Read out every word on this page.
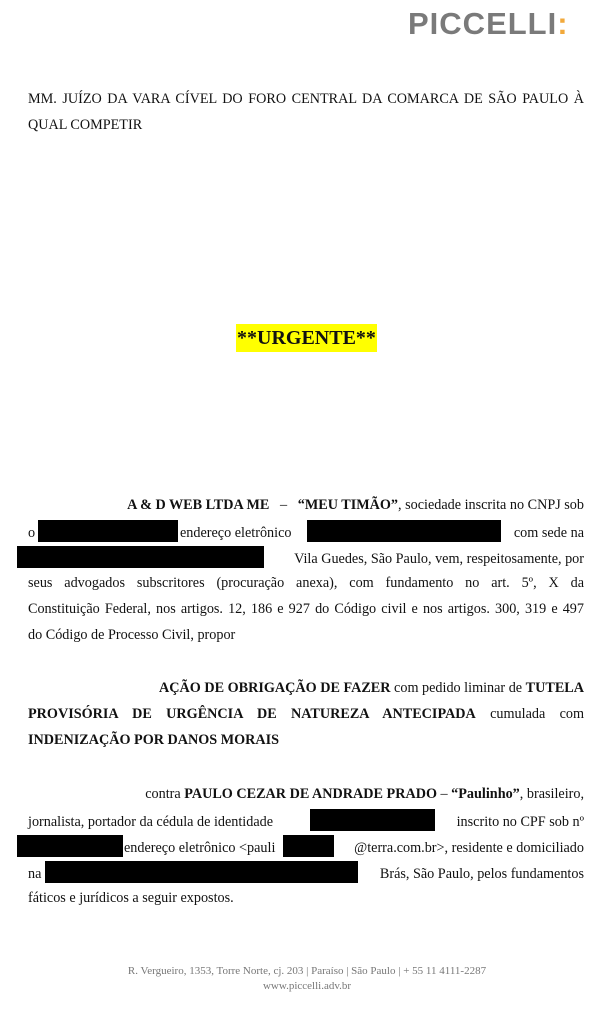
PICCELLI:

MM. JUÍZO DA VARA CÍVEL DO FORO CENTRAL DA COMARCA DE SÃO PAULO À QUAL COMPETIR

**URGENTE**
A & D WEB LTDA ME – “MEU TIMÃO”, sociedade inscrita no CNPJ sob
o	endereço eletrônico	com sede na
Vila Guedes, São Paulo, vem, respeitosamente, por
seus advogados subscritores (procuração anexa), com fundamento no art. 5º, X da
Constituição Federal, nos artigos. 12, 186 e 927 do Código civil e nos artigos. 300, 319 e 497
do Código de Processo Civil, propor
AÇÃO DE OBRIGAÇÃO DE FAZER com pedido liminar de TUTELA
PROVISÓRIA DE URGÊNCIA DE NATUREZA ANTECIPADA cumulada com
INDENIZAÇÃO POR DANOS MORAIS
contra PAULO CEZAR DE ANDRADE PRADO – “Paulinho”, brasileiro,
jornalista, portador da cédula de identidade	inscrito no CPF sob nº
endereço eletrônico <pauli	@terra.com.br>, residente e domiciliado
na	Brás, São Paulo, pelos fundamentos
fáticos e jurídicos a seguir expostos.
R. Vergueiro, 1353, Torre Norte, cj. 203 | Paraíso | São Paulo | + 55 11 4111-2287
www.piccelli.adv.br
